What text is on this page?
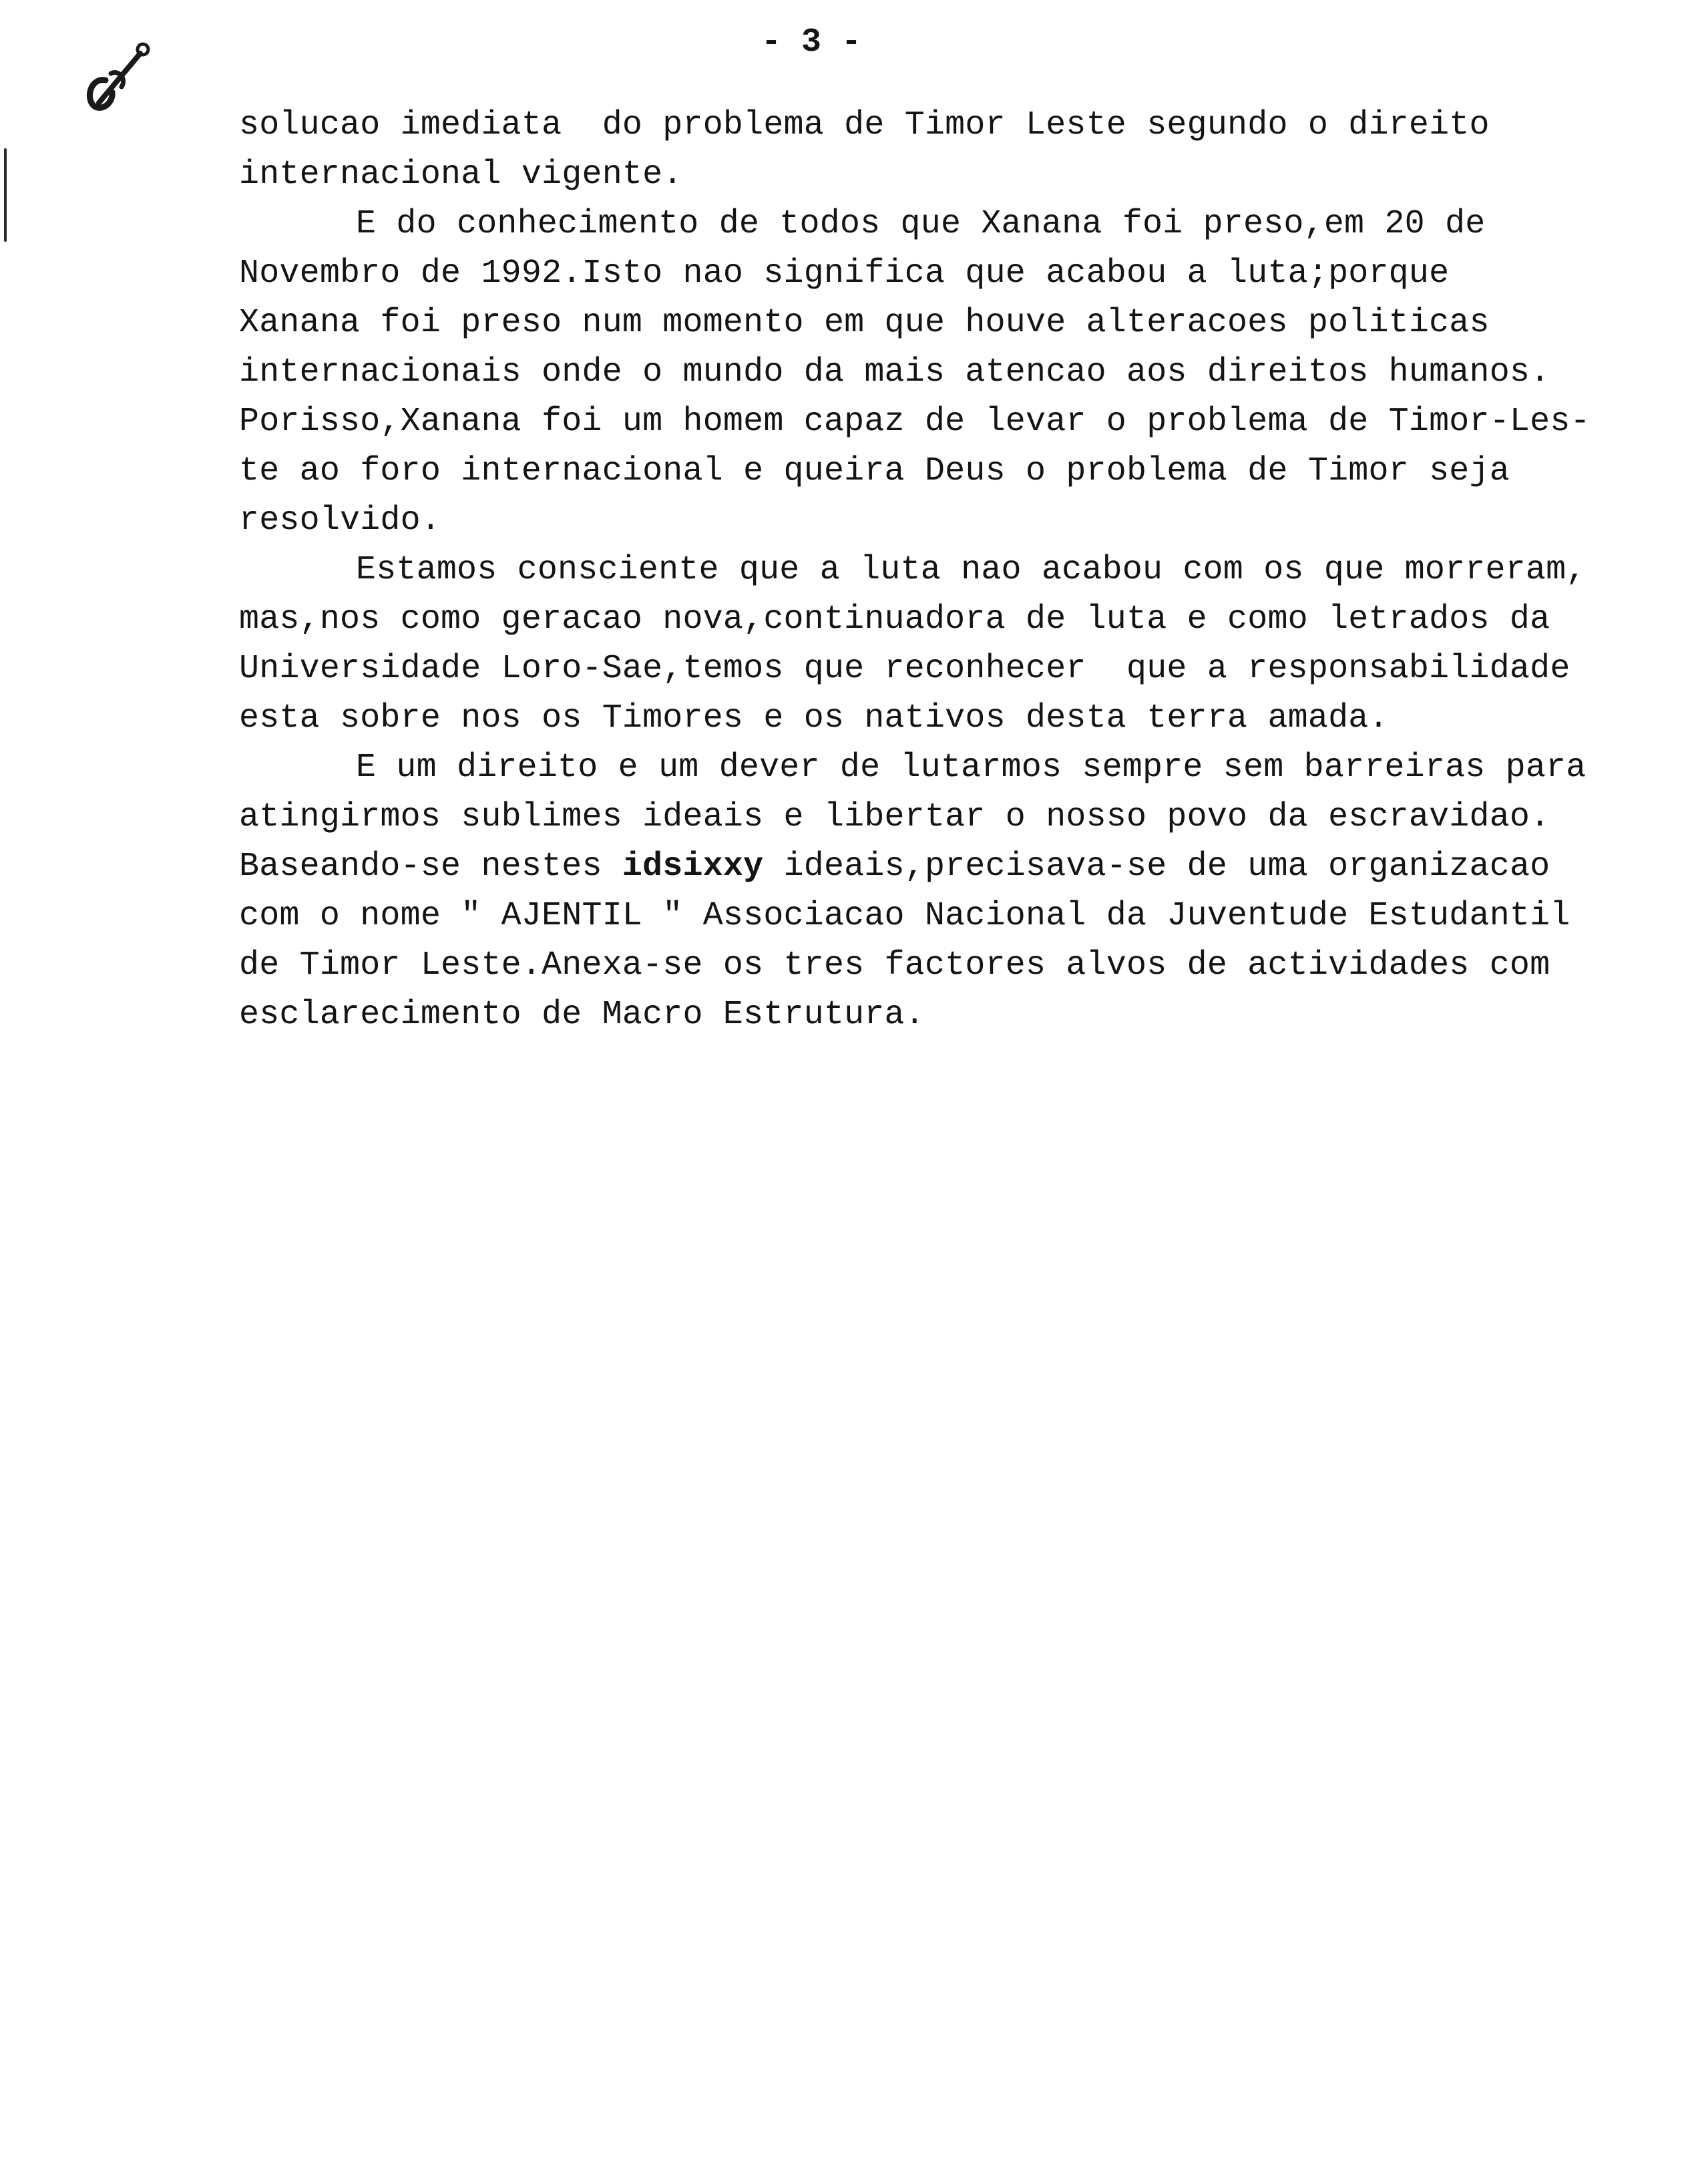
- 3 -
solucao imediata  do problema de Timor Leste segundo o direito
internacional vigente.
E do conhecimento de todos que Xanana foi preso,em 20 de
Novembro de 1992.Isto nao significa que acabou a luta;porque
Xanana foi preso num momento em que houve alteracoes politicas
internacionais onde o mundo da mais atencao aos direitos humanos.
Porisso,Xanana foi um homem capaz de levar o problema de Timor-Les-
te ao foro internacional e queira Deus o problema de Timor seja
resolvido.
Estamos consciente que a luta nao acabou com os que morreram,
mas,nos como geracao nova,continuadora de luta e como letrados da
Universidade Loro-Sae,temos que reconhecer  que a responsabilidade
esta sobre nos os Timores e os nativos desta terra amada.
E um direito e um dever de lutarmos sempre sem barreiras para
atingirmos sublimes ideais e libertar o nosso povo da escravidao.
Baseando-se nestes idsixxy ideais,precisava-se de uma organizacao
com o nome " AJENTIL " Associacao Nacional da Juventude Estudantil
de Timor Leste.Anexa-se os tres factores alvos de actividades com
esclarecimento de Macro Estrutura.
